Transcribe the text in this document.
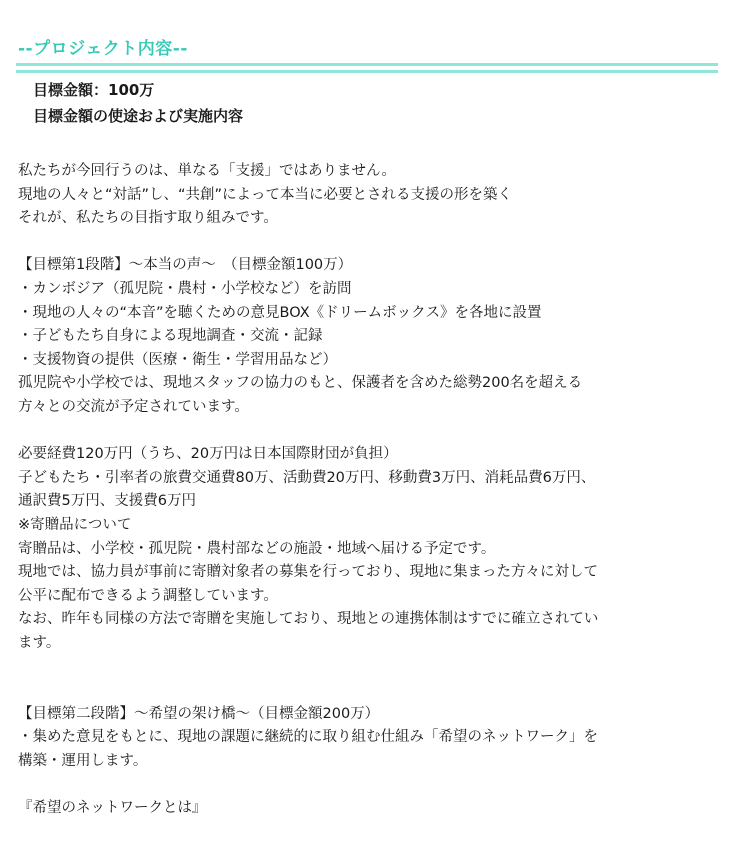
--プロジェクト内容--
目標金額：100万
目標金額の使途および実施内容
私たちが今回行うのは、単なる「支援」ではありません。
現地の人々と“対話”し、“共創”によって本当に必要とされる支援の形を築く
それが、私たちの目指す取り組みです。
【目標第1段階】〜本当の声〜　（目標金額100万）
・カンボジア（孤児院・農村・小学校など）を訪問
・現地の人々の“本音”を聴くための意見BOX《ドリームボックス》を各地に設置
・子どもたち自身による現地調査・交流・記録
・支援物資の提供（医療・衛生・学習用品など）
孤児院や小学校では、現地スタッフの協力のもと、保護者を含めた総勢200名を超える
方々との交流が予定されています。
必要経費120万円（うち、20万円は日本国際財団が負担）
子どもたち・引率者の旅費交通費80万、活動費20万円、移動費3万円、消耗品費6万円、
通訳費5万円、支援費6万円
※寄贈品について
寄贈品は、小学校・孤児院・農村部などの施設・地域へ届ける予定です。
現地では、協力員が事前に寄贈対象者の募集を行っており、現地に集まった方々に対して
公平に配布できるよう調整しています。
なお、昨年も同様の方法で寄贈を実施しており、現地との連携体制はすでに確立されてい
ます。
【目標第二段階】〜希望の架け橋〜（目標金額200万）
・集めた意見をもとに、現地の課題に継続的に取り組む仕組み「希望のネットワーク」を
構築・運用します。
『希望のネットワークとは』
